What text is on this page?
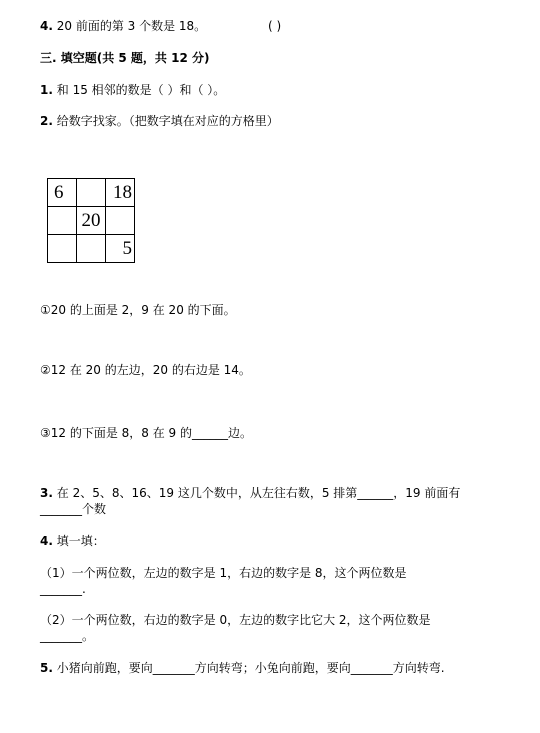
4. 20 前面的第 3 个数是 18。	( )
三. 填空题(共 5 题，共 12 分)
1. 和 15 相邻的数是（ ）和（ ）。
2. 给数字找家。（把数字填在对应的方格里）
6		18
	20	
		5
①20 的上面是 2，9 在 20 的下面。
②12 在 20 的左边，20 的右边是 14。
③12 的下面是 8，8 在 9 的______边。
3. 在 2、5、8、16、19 这几个数中，从左往右数，5 排第______，19 前面有
_______个数
4. 填一填：
（1）一个两位数，左边的数字是 1，右边的数字是 8，这个两位数是
_______.
（2）一个两位数，右边的数字是 0，左边的数字比它大 2，这个两位数是
_______。
5. 小猪向前跑，要向_______方向转弯；小兔向前跑，要向_______方向转弯.
